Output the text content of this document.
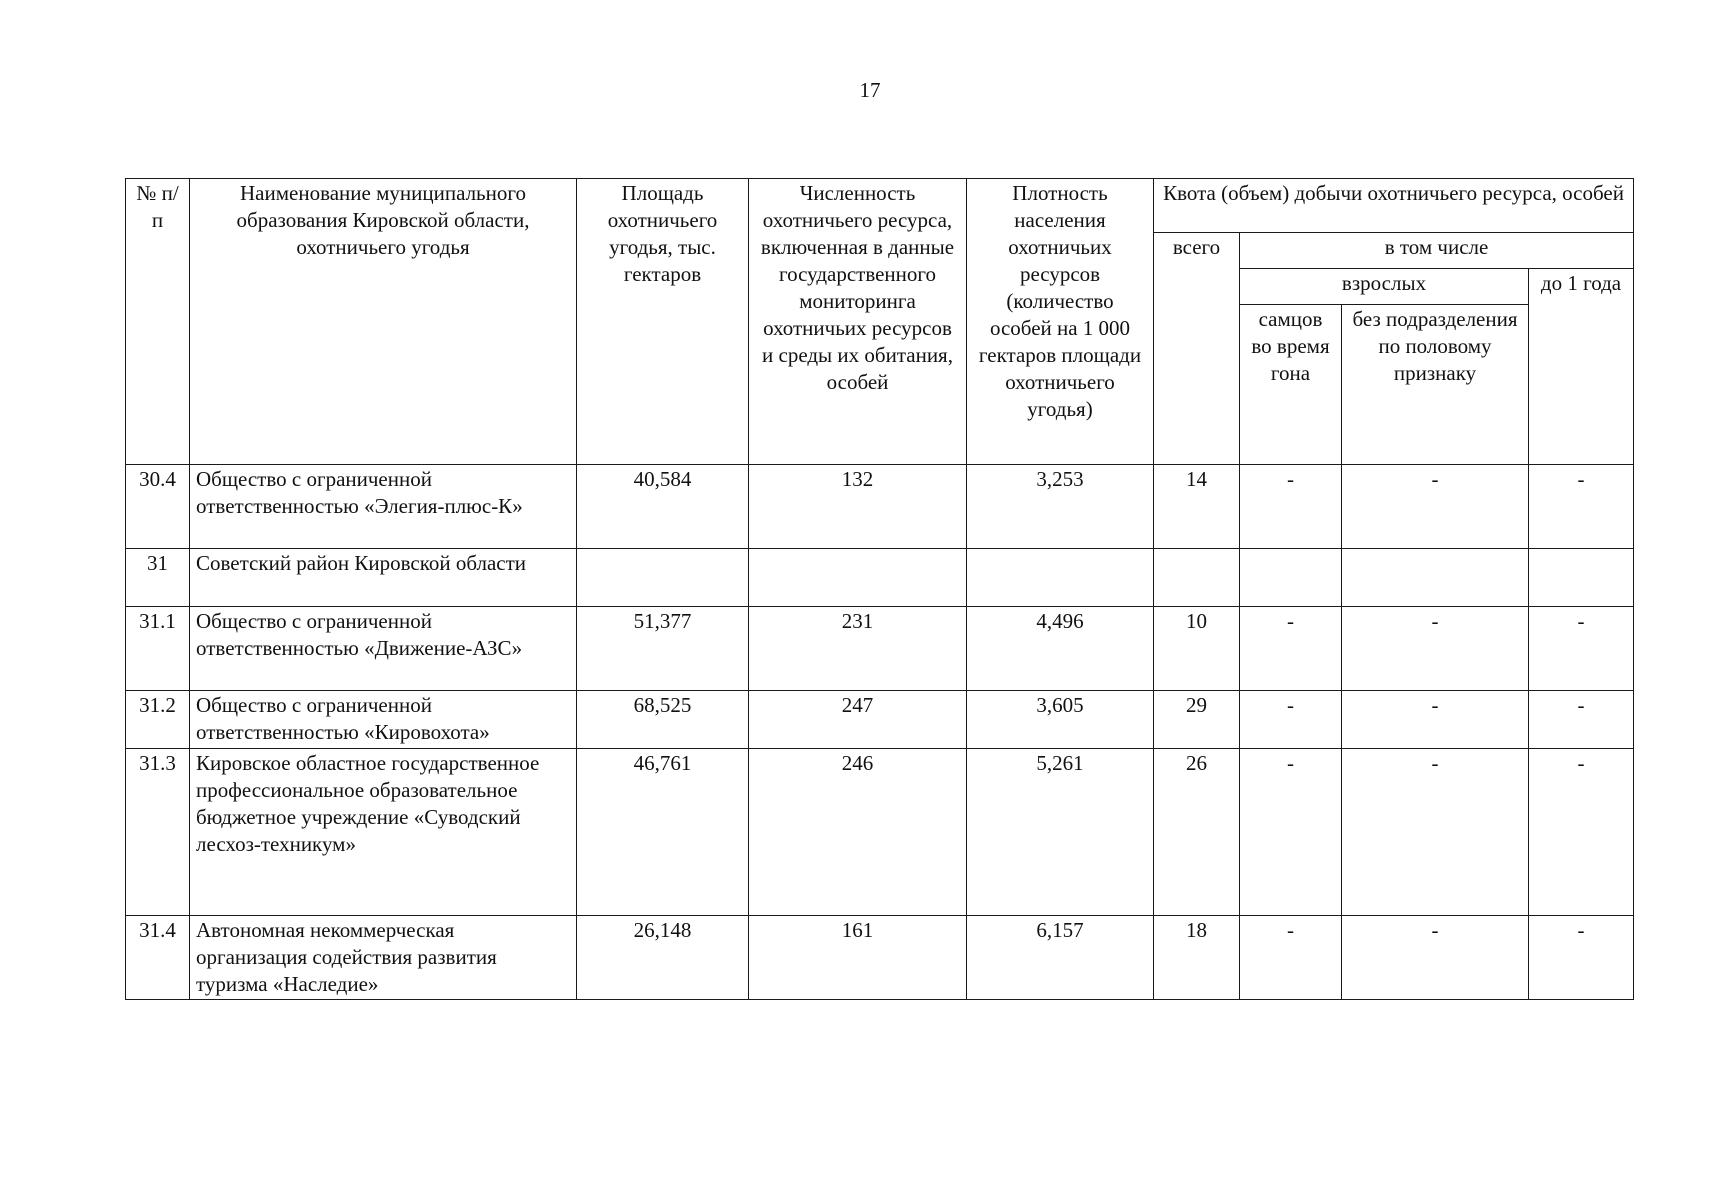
17
№ п/п	Наименование муниципального образования Кировской области, охотничьего угодья	Площадь охотничьего угодья, тыс. гектаров	Численность охотничьего ресурса, включенная в данные государственного мониторинга охотничьих ресурсов и среды их обитания, особей	Плотность населения охотничьих ресурсов (количество особей на 1 000 гектаров площади охотничьего угодья)	Квота (объем) добычи охотничьего ресурса, особей			
					всего	в том числе		
						взрослых		до 1 года
						самцов во время гона	без подразделения по половому признаку	
30.4	Общество с ограниченной ответственностью «Элегия-плюс-К»	40,584	132	3,253	14	-	-	-
31	Советский район Кировской области							
31.1	Общество с ограниченной ответственностью «Движение-АЗС»	51,377	231	4,496	10	-	-	-
31.2	Общество с ограниченной ответственностью «Кировохота»	68,525	247	3,605	29	-	-	-
31.3	Кировское областное государственное профессиональное образовательное бюджетное учреждение «Суводский лесхоз-техникум»	46,761	246	5,261	26	-	-	-
31.4	Автономная некоммерческая организация содействия развития туризма «Наследие»	26,148	161	6,157	18	-	-	-
